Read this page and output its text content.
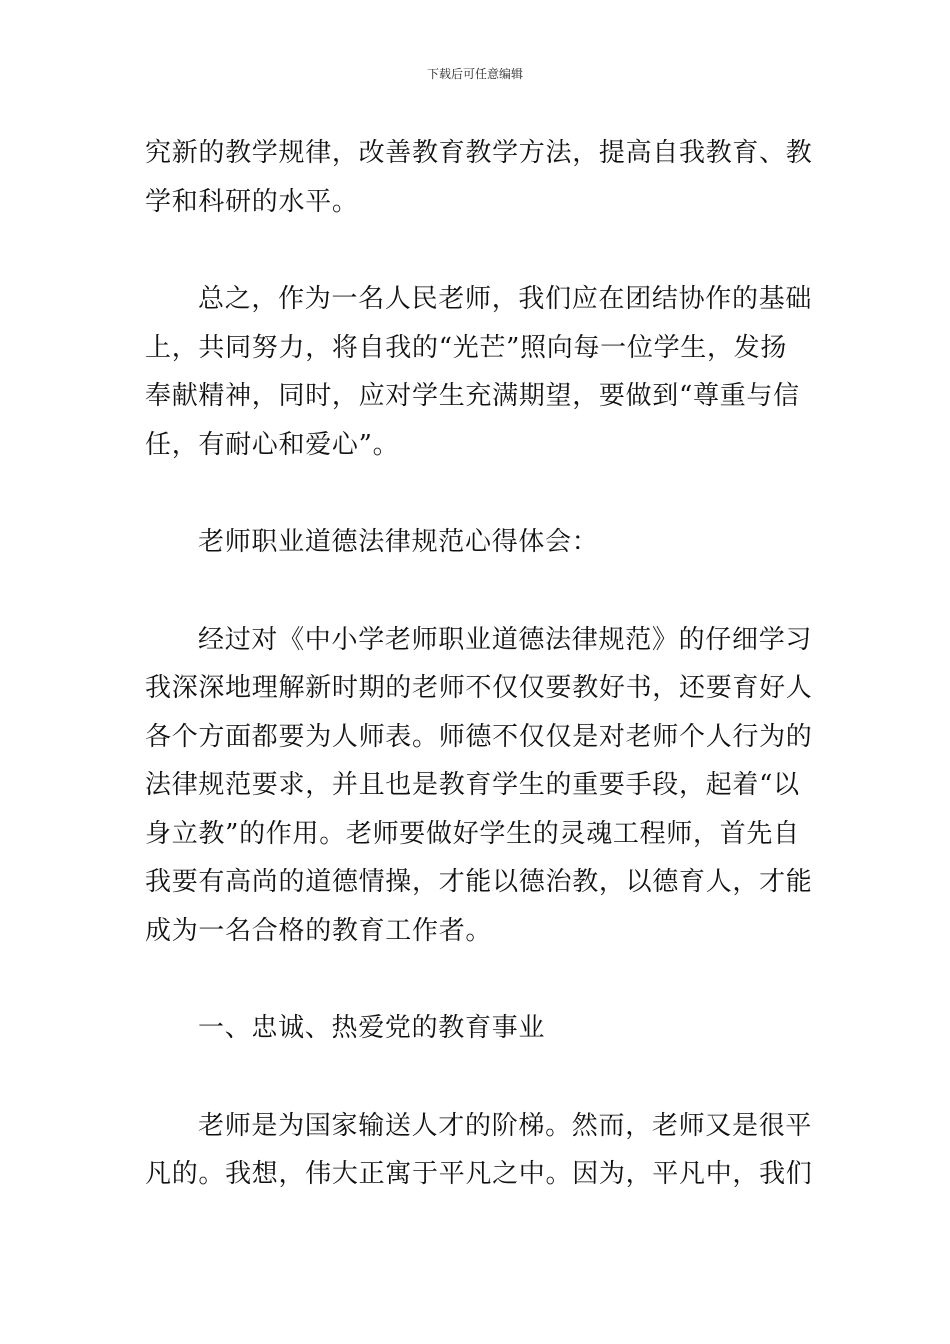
下载后可任意编辑

究新的教学规律，改善教育教学方法，提高自我教育、教
学和科研的水平。

总之，作为一名人民老师，我们应在团结协作的基础
上，共同努力，将自我的“光芒”照向每一位学生，发扬
奉献精神，同时，应对学生充满期望，要做到“尊重与信
任，有耐心和爱心”。

老师职业道德法律规范心得体会：

经过对《中小学老师职业道德法律规范》的仔细学习
我深深地理解新时期的老师不仅仅要教好书，还要育好人
各个方面都要为人师表。师德不仅仅是对老师个人行为的
法律规范要求，并且也是教育学生的重要手段，起着“以
身立教”的作用。老师要做好学生的灵魂工程师，首先自
我要有高尚的道德情操，才能以德治教，以德育人，才能
成为一名合格的教育工作者。

一、忠诚、热爱党的教育事业

老师是为国家输送人才的阶梯。然而，老师又是很平
凡的。我想，伟大正寓于平凡之中。因为，平凡中，我们
